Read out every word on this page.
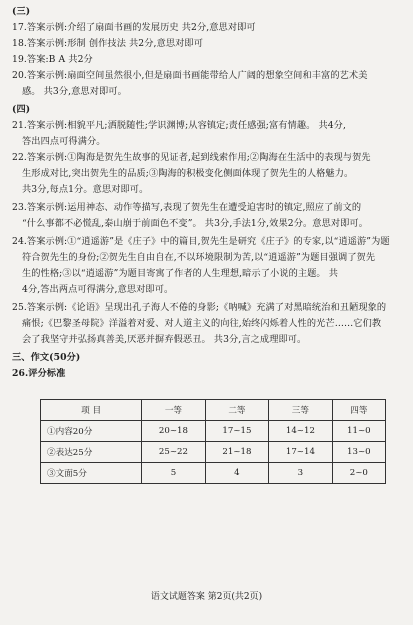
(三)
17.答案示例:介绍了扇面书画的发展历史 共2分,意思对即可
18.答案示例:形制 创作技法 共2分,意思对即可
19.答案:B A 共2分
20.答案示例:扇面空间虽然很小,但是扇面书画能带给人广阔的想象空间和丰富的艺术美
感。 共3分,意思对即可。
(四)
21.答案示例:相貌平凡;洒脱随性;学识渊博;从容镇定;责任感强;富有情趣。 共4分,
答出四点可得满分。
22.答案示例:①陶海是贺先生故事的见证者,起到线索作用;②陶海在生活中的表现与贺先
生形成对比,突出贺先生的品质;③陶海的积极变化侧面体现了贺先生的人格魅力。
共3分,每点1分。意思对即可。
23.答案示例:运用神态、动作等描写,表现了贺先生在遭受迫害时的镇定,照应了前文的
“什么事都不必慌乱,泰山崩于前面色不变”。 共3分,手法1分,效果2分。意思对即可。
24.答案示例:①“逍遥游”是《庄子》中的篇目,贺先生是研究《庄子》的专家,以“逍遥游”为题
符合贺先生的身份;②贺先生自由自在,不以环境限制为苦,以“逍遥游”为题目强调了贺先
生的性格;③以“逍遥游”为题目寄寓了作者的人生理想,暗示了小说的主题。 共
4分,答出两点可得满分,意思对即可。
25.答案示例:《论语》呈现出孔子海人不倦的身影;《呐喊》充满了对黑暗统治和丑陋现象的
痛恨;《巴黎圣母院》洋溢着对爱、对人道主义的向往,始终闪烁着人性的光芒……它们教
会了我坚守并弘扬真善美,厌恶并摒弃假恶丑。 共3分,言之成理即可。
三、作文(50分)
26.评分标准
项 目	一等	二等	三等	四等
①内容20分	20~18	17~15	14~12	11~0
②表达25分	25~22	21~18	17~14	13~0
③文面5分	5	4	3	2~0
语文试题答案 第2页(共2页)
